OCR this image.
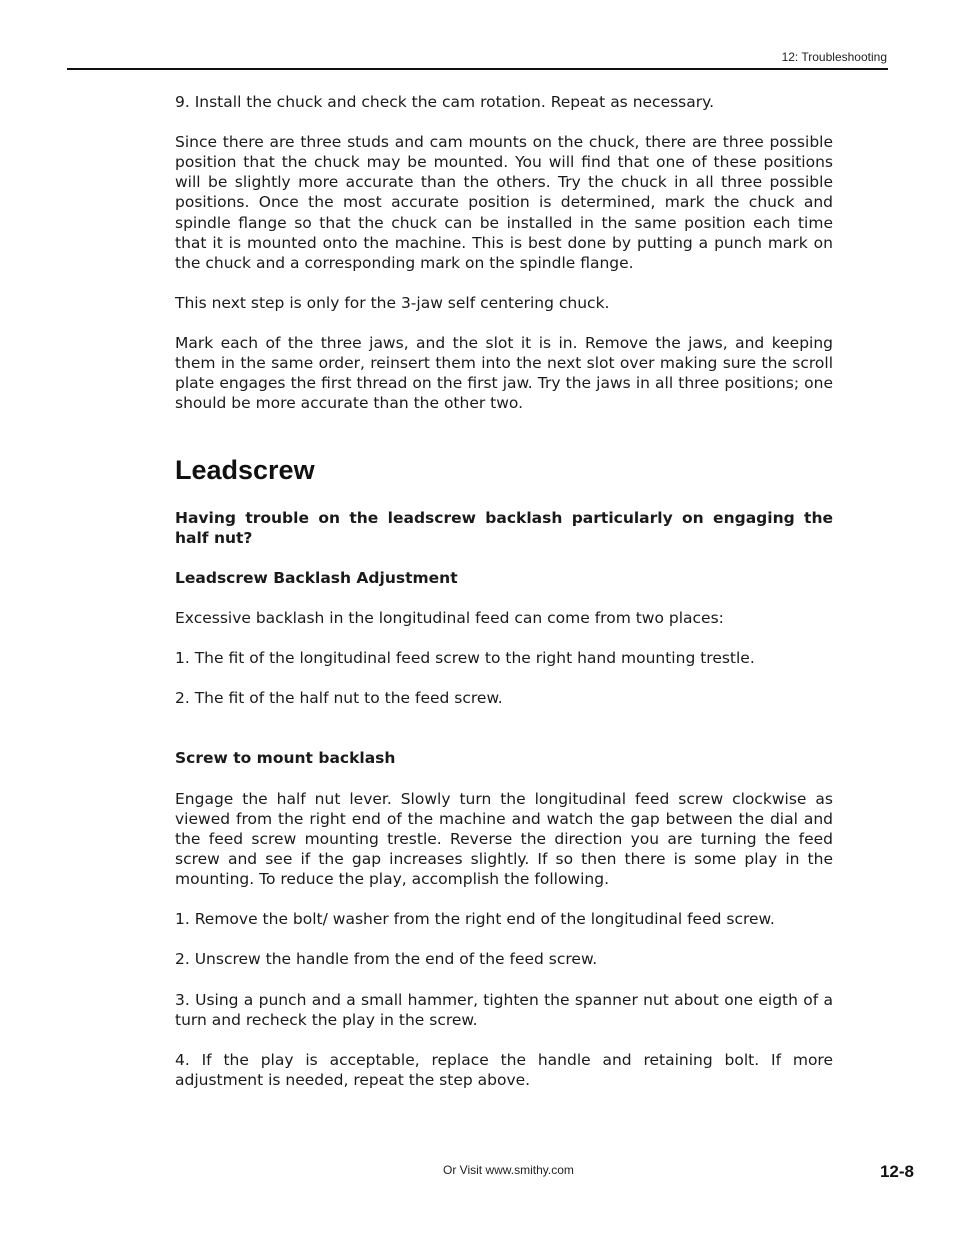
12: Troubleshooting

9. Install the chuck and check the cam rotation. Repeat as necessary.

Since there are three studs and cam mounts on the chuck, there are three possible position that the chuck may be mounted. You will find that one of these positions will be slightly more accurate than the others. Try the chuck in all three possible positions. Once the most accurate position is determined, mark the chuck and spindle flange so that the chuck can be installed in the same position each time that it is mounted onto the machine. This is best done by putting a punch mark on the chuck and a corresponding mark on the spindle flange.

This next step is only for the 3-jaw self centering chuck.

Mark each of the three jaws, and the slot it is in. Remove the jaws, and keeping them in the same order, reinsert them into the next slot over making sure the scroll plate engages the first thread on the first jaw. Try the jaws in all three positions; one should be more accurate than the other two.

Leadscrew

Having trouble on the leadscrew backlash particularly on engaging the half nut?

Leadscrew Backlash Adjustment

Excessive backlash in the longitudinal feed can come from two places:

1. The fit of the longitudinal feed screw to the right hand mounting trestle.

2. The fit of the half nut to the feed screw.

Screw to mount backlash

Engage the half nut lever. Slowly turn the longitudinal feed screw clockwise as viewed from the right end of the machine and watch the gap between the dial and the feed screw mounting trestle. Reverse the direction you are turning the feed screw and see if the gap increases slightly. If so then there is some play in the mounting. To reduce the play, accomplish the following.

1. Remove the bolt/ washer from the right end of the longitudinal feed screw.

2. Unscrew the handle from the end of the feed screw.

3. Using a punch and a small hammer, tighten the spanner nut about one eigth of a turn and recheck the play in the screw.

4. If the play is acceptable, replace the handle and retaining bolt. If more adjustment is needed, repeat the step above.

Or Visit www.smithy.com	12-8
